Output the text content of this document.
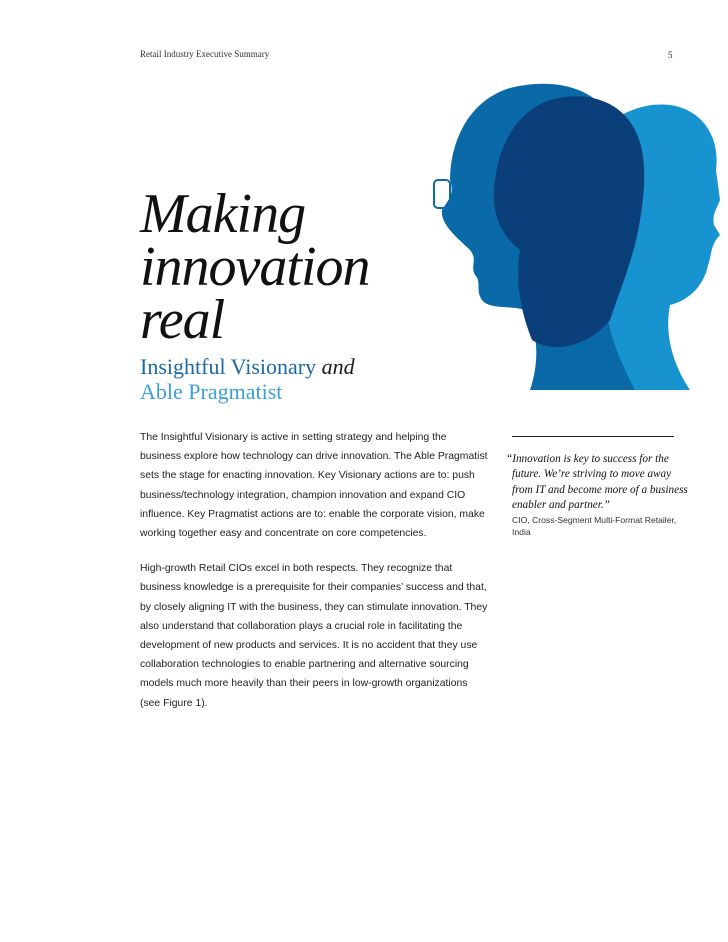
Retail Industry Executive Summary	5
Making
innovation
real
Insightful Visionary and
Able Pragmatist

The Insightful Visionary is active in setting strategy and helping the business explore how technology can drive innovation. The Able Pragmatist sets the stage for enacting innovation. Key Visionary actions are to: push business/technology integration, champion innovation and expand CIO influence. Key Pragmatist actions are to: enable the corporate vision, make working together easy and concentrate on core competencies.

High-growth Retail CIOs excel in both respects. They recognize that business knowledge is a prerequisite for their companies’ success and that, by closely aligning IT with the business, they can stimulate innovation. They also understand that collaboration plays a crucial role in facilitating the development of new products and services. It is no accident that they use collaboration technologies to enable partnering and alternative sourcing models much more heavily than their peers in low-growth organizations (see Figure 1).

“Innovation is key to success for the future. We’re striving to move away from IT and become more of a business enabler and partner.”
CIO, Cross-Segment Multi-Format Retailer, India
